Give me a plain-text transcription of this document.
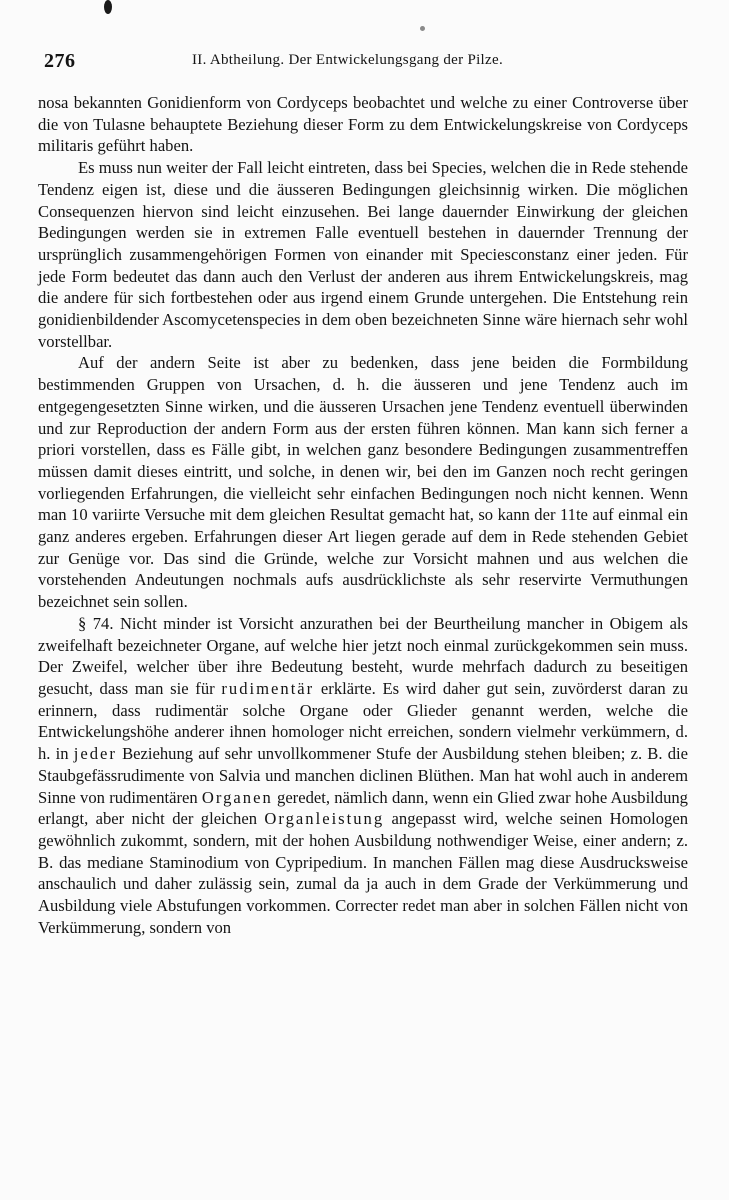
276	II. Abtheilung. Der Entwickelungsgang der Pilze.

nosa bekannten Gonidienform von Cordyceps beobachtet und welche zu einer Controverse über die von Tulasne behauptete Beziehung dieser Form zu dem Entwickelungskreise von Cordyceps militaris geführt haben.

Es muss nun weiter der Fall leicht eintreten, dass bei Species, welchen die in Rede stehende Tendenz eigen ist, diese und die äusseren Bedingungen gleichsinnig wirken. Die möglichen Consequenzen hiervon sind leicht einzusehen. Bei lange dauernder Einwirkung der gleichen Bedingungen werden sie in extremen Falle eventuell bestehen in dauernder Trennung der ursprünglich zusammengehörigen Formen von einander mit Speciesconstanz einer jeden. Für jede Form bedeutet das dann auch den Verlust der anderen aus ihrem Entwickelungskreis, mag die andere für sich fortbestehen oder aus irgend einem Grunde untergehen. Die Entstehung rein gonidienbildender Ascomycetenspecies in dem oben bezeichneten Sinne wäre hiernach sehr wohl vorstellbar.

Auf der andern Seite ist aber zu bedenken, dass jene beiden die Formbildung bestimmenden Gruppen von Ursachen, d. h. die äusseren und jene Tendenz auch im entgegengesetzten Sinne wirken, und die äusseren Ursachen jene Tendenz eventuell überwinden und zur Reproduction der andern Form aus der ersten führen können. Man kann sich ferner a priori vorstellen, dass es Fälle gibt, in welchen ganz besondere Bedingungen zusammentreffen müssen damit dieses eintritt, und solche, in denen wir, bei den im Ganzen noch recht geringen vorliegenden Erfahrungen, die vielleicht sehr einfachen Bedingungen noch nicht kennen. Wenn man 10 variirte Versuche mit dem gleichen Resultat gemacht hat, so kann der 11te auf einmal ein ganz anderes ergeben. Erfahrungen dieser Art liegen gerade auf dem in Rede stehenden Gebiet zur Genüge vor. Das sind die Gründe, welche zur Vorsicht mahnen und aus welchen die vorstehenden Andeutungen nochmals aufs ausdrücklichste als sehr reservirte Vermuthungen bezeichnet sein sollen.

§ 74. Nicht minder ist Vorsicht anzurathen bei der Beurtheilung mancher in Obigem als zweifelhaft bezeichneter Organe, auf welche hier jetzt noch einmal zurückgekommen sein muss. Der Zweifel, welcher über ihre Bedeutung besteht, wurde mehrfach dadurch zu beseitigen gesucht, dass man sie für rudimentär erklärte. Es wird daher gut sein, zuvörderst daran zu erinnern, dass rudimentär solche Organe oder Glieder genannt werden, welche die Entwickelungshöhe anderer ihnen homologer nicht erreichen, sondern vielmehr verkümmern, d. h. in jeder Beziehung auf sehr unvollkommener Stufe der Ausbildung stehen bleiben; z. B. die Staubgefässrudimente von Salvia und manchen diclinen Blüthen. Man hat wohl auch in anderem Sinne von rudimentären Organen geredet, nämlich dann, wenn ein Glied zwar hohe Ausbildung erlangt, aber nicht der gleichen Organleistung angepasst wird, welche seinen Homologen gewöhnlich zukommt, sondern, mit der hohen Ausbildung nothwendiger Weise, einer andern; z. B. das mediane Staminodium von Cypripedium. In manchen Fällen mag diese Ausdrucksweise anschaulich und daher zulässig sein, zumal da ja auch in dem Grade der Verkümmerung und Ausbildung viele Abstufungen vorkommen. Correcter redet man aber in solchen Fällen nicht von Verkümmerung, sondern von
